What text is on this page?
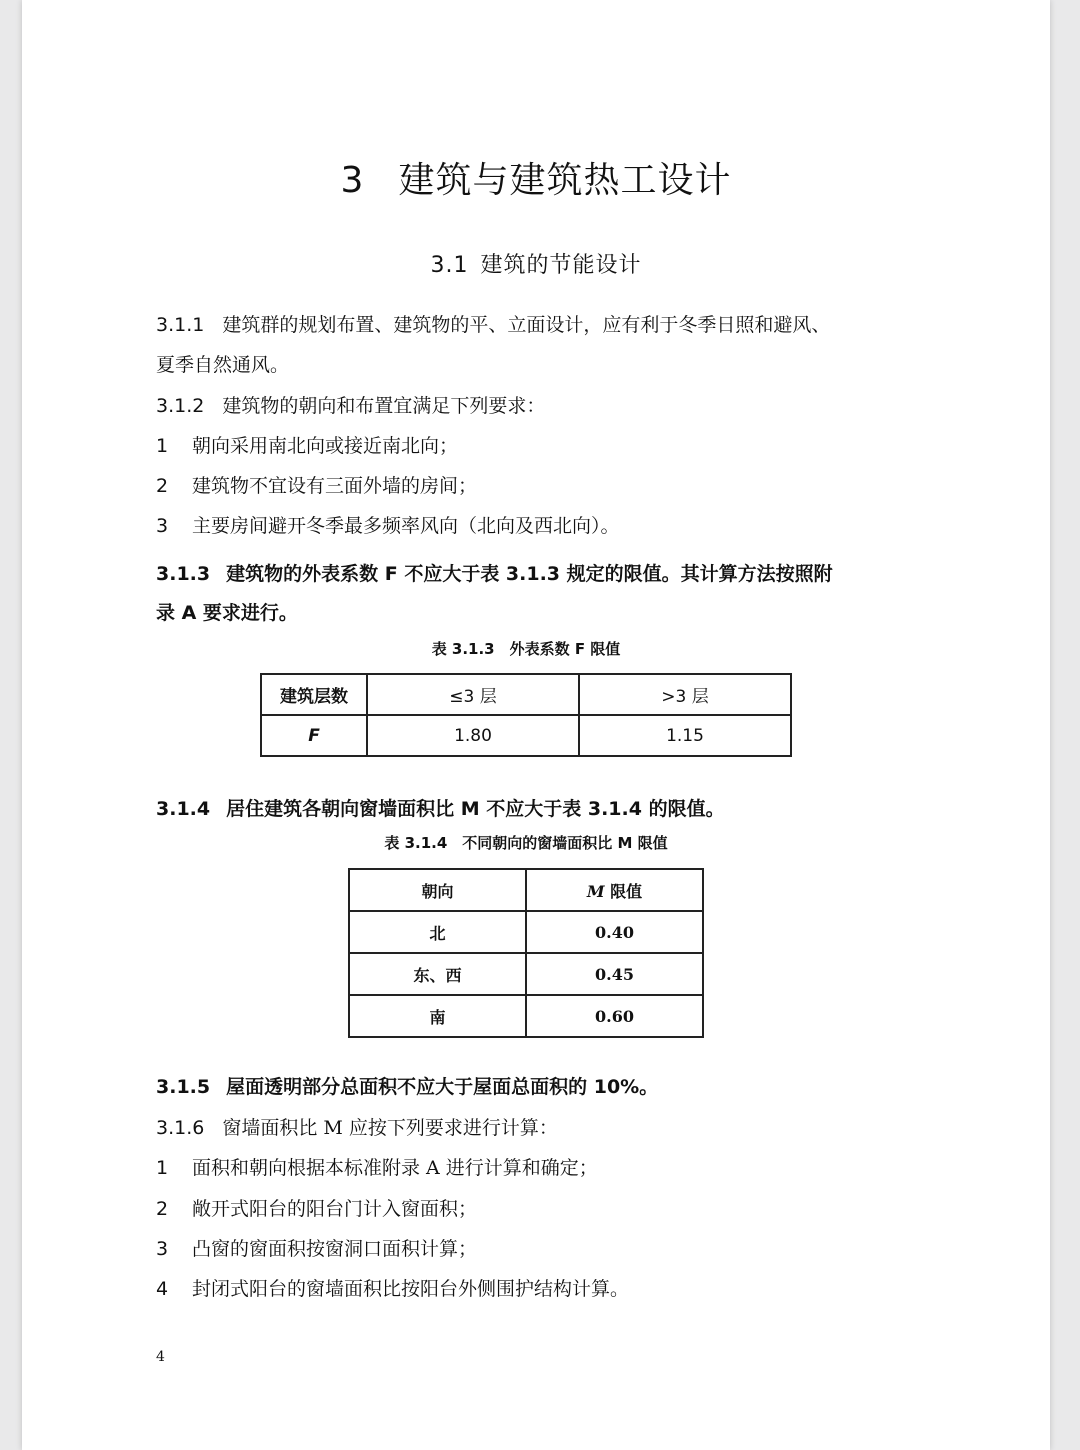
3 建筑与建筑热工设计
3.1 建筑的节能设计
3.1.1 建筑群的规划布置、建筑物的平、立面设计，应有利于冬季日照和避风、
夏季自然通风。
3.1.2 建筑物的朝向和布置宜满足下列要求：
1 朝向采用南北向或接近南北向；
2 建筑物不宜设有三面外墙的房间；
3 主要房间避开冬季最多频率风向（北向及西北向）。
3.1.3 建筑物的外表系数 F 不应大于表 3.1.3 规定的限值。其计算方法按照附
录 A 要求进行。
表 3.1.3　外表系数 F 限值
建筑层数	≤3 层	>3 层
F	1.80	1.15
3.1.4 居住建筑各朝向窗墙面积比 M 不应大于表 3.1.4 的限值。
表 3.1.4　不同朝向的窗墙面积比 M 限值
朝向	M 限值
北	0.40
东、西	0.45
南	0.60
3.1.5 屋面透明部分总面积不应大于屋面总面积的 10%。
3.1.6 窗墙面积比 M 应按下列要求进行计算：
1 面积和朝向根据本标准附录 A 进行计算和确定；
2 敞开式阳台的阳台门计入窗面积；
3 凸窗的窗面积按窗洞口面积计算；
4 封闭式阳台的窗墙面积比按阳台外侧围护结构计算。
4
